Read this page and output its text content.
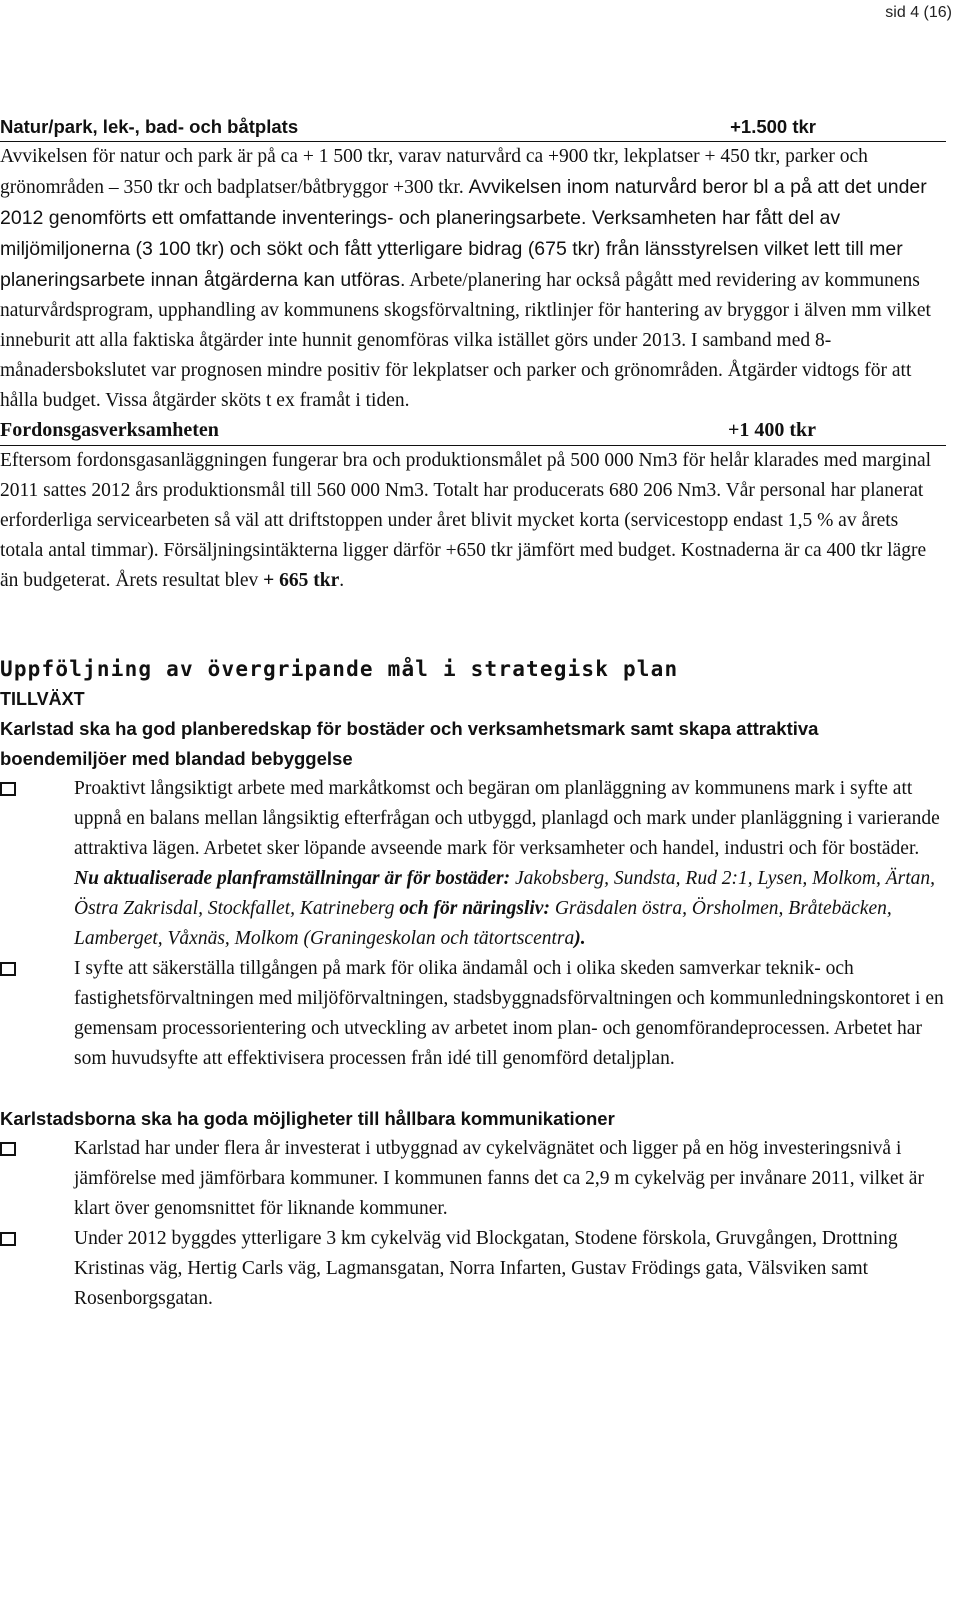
sid 4 (16)
Natur/park, lek-, bad- och båtplats	+1.500 tkr

Avvikelsen för natur och park är på ca + 1 500 tkr, varav naturvård ca +900 tkr, lekplatser + 450 tkr, parker och grönområden – 350 tkr och badplatser/båtbryggor +300 tkr. Avvikelsen inom naturvård beror bl a på att det under 2012 genomförts ett omfattande inventerings- och planeringsarbete. Verksamheten har fått del av miljömiljonerna (3 100 tkr) och sökt och fått ytterligare bidrag (675 tkr) från länsstyrelsen vilket lett till mer planeringsarbete innan åtgärderna kan utföras. Arbete/planering har också pågått med revidering av kommunens naturvårdsprogram, upphandling av kommunens skogsförvaltning, riktlinjer för hantering av bryggor i älven mm vilket inneburit att alla faktiska åtgärder inte hunnit genomföras vilka istället görs under 2013. I samband med 8-månadersbokslutet var prognosen mindre positiv för lekplatser och parker och grönområden. Åtgärder vidtogs för att hålla budget. Vissa åtgärder sköts t ex framåt i tiden.

Fordonsgasverksamheten	+1 400 tkr

Eftersom fordonsgasanläggningen fungerar bra och produktionsmålet på 500 000 Nm3 för helår klarades med marginal 2011 sattes 2012 års produktionsmål till 560 000 Nm3. Totalt har producerats 680 206 Nm3. Vår personal har planerat erforderliga servicearbeten så väl att driftstoppen under året blivit mycket korta (servicestopp endast 1,5 % av årets totala antal timmar). Försäljningsintäkterna ligger därför +650 tkr jämfört med budget. Kostnaderna är ca 400 tkr lägre än budgeterat. Årets resultat blev + 665 tkr.

Uppföljning av övergripande mål i strategisk plan
TILLVÄXT
Karlstad ska ha god planberedskap för bostäder och verksamhetsmark samt skapa attraktiva boendemiljöer med blandad bebyggelse
Proaktivt långsiktigt arbete med markåtkomst och begäran om planläggning av kommunens mark i syfte att uppnå en balans mellan långsiktig efterfrågan och utbyggd, planlagd och mark under planläggning i varierande attraktiva lägen. Arbetet sker löpande avseende mark för verksamheter och handel, industri och för bostäder. Nu aktualiserade planframställningar är för bostäder: Jakobsberg, Sundsta, Rud 2:1, Lysen, Molkom, Ärtan, Östra Zakrisdal, Stockfallet, Katrineberg och för näringsliv: Gräsdalen östra, Örsholmen, Bråtebäcken, Lamberget, Våxnäs, Molkom (Graningeskolan och tätortscentra).
I syfte att säkerställa tillgången på mark för olika ändamål och i olika skeden samverkar teknik- och fastighetsförvaltningen med miljöförvaltningen, stadsbyggnadsförvaltningen och kommunledningskontoret i en gemensam processorientering och utveckling av arbetet inom plan- och genomförandeprocessen. Arbetet har som huvudsyfte att effektivisera processen från idé till genomförd detaljplan.
Karlstadsborna ska ha goda möjligheter till hållbara kommunikationer
Karlstad har under flera år investerat i utbyggnad av cykelvägnätet och ligger på en hög investeringsnivå i jämförelse med jämförbara kommuner. I kommunen fanns det ca 2,9 m cykelväg per invånare 2011, vilket är klart över genomsnittet för liknande kommuner.
Under 2012 byggdes ytterligare 3 km cykelväg vid Blockgatan, Stodene förskola, Gruvgången, Drottning Kristinas väg, Hertig Carls väg, Lagmansgatan, Norra Infarten, Gustav Frödings gata, Välsviken samt Rosenborgsgatan.
